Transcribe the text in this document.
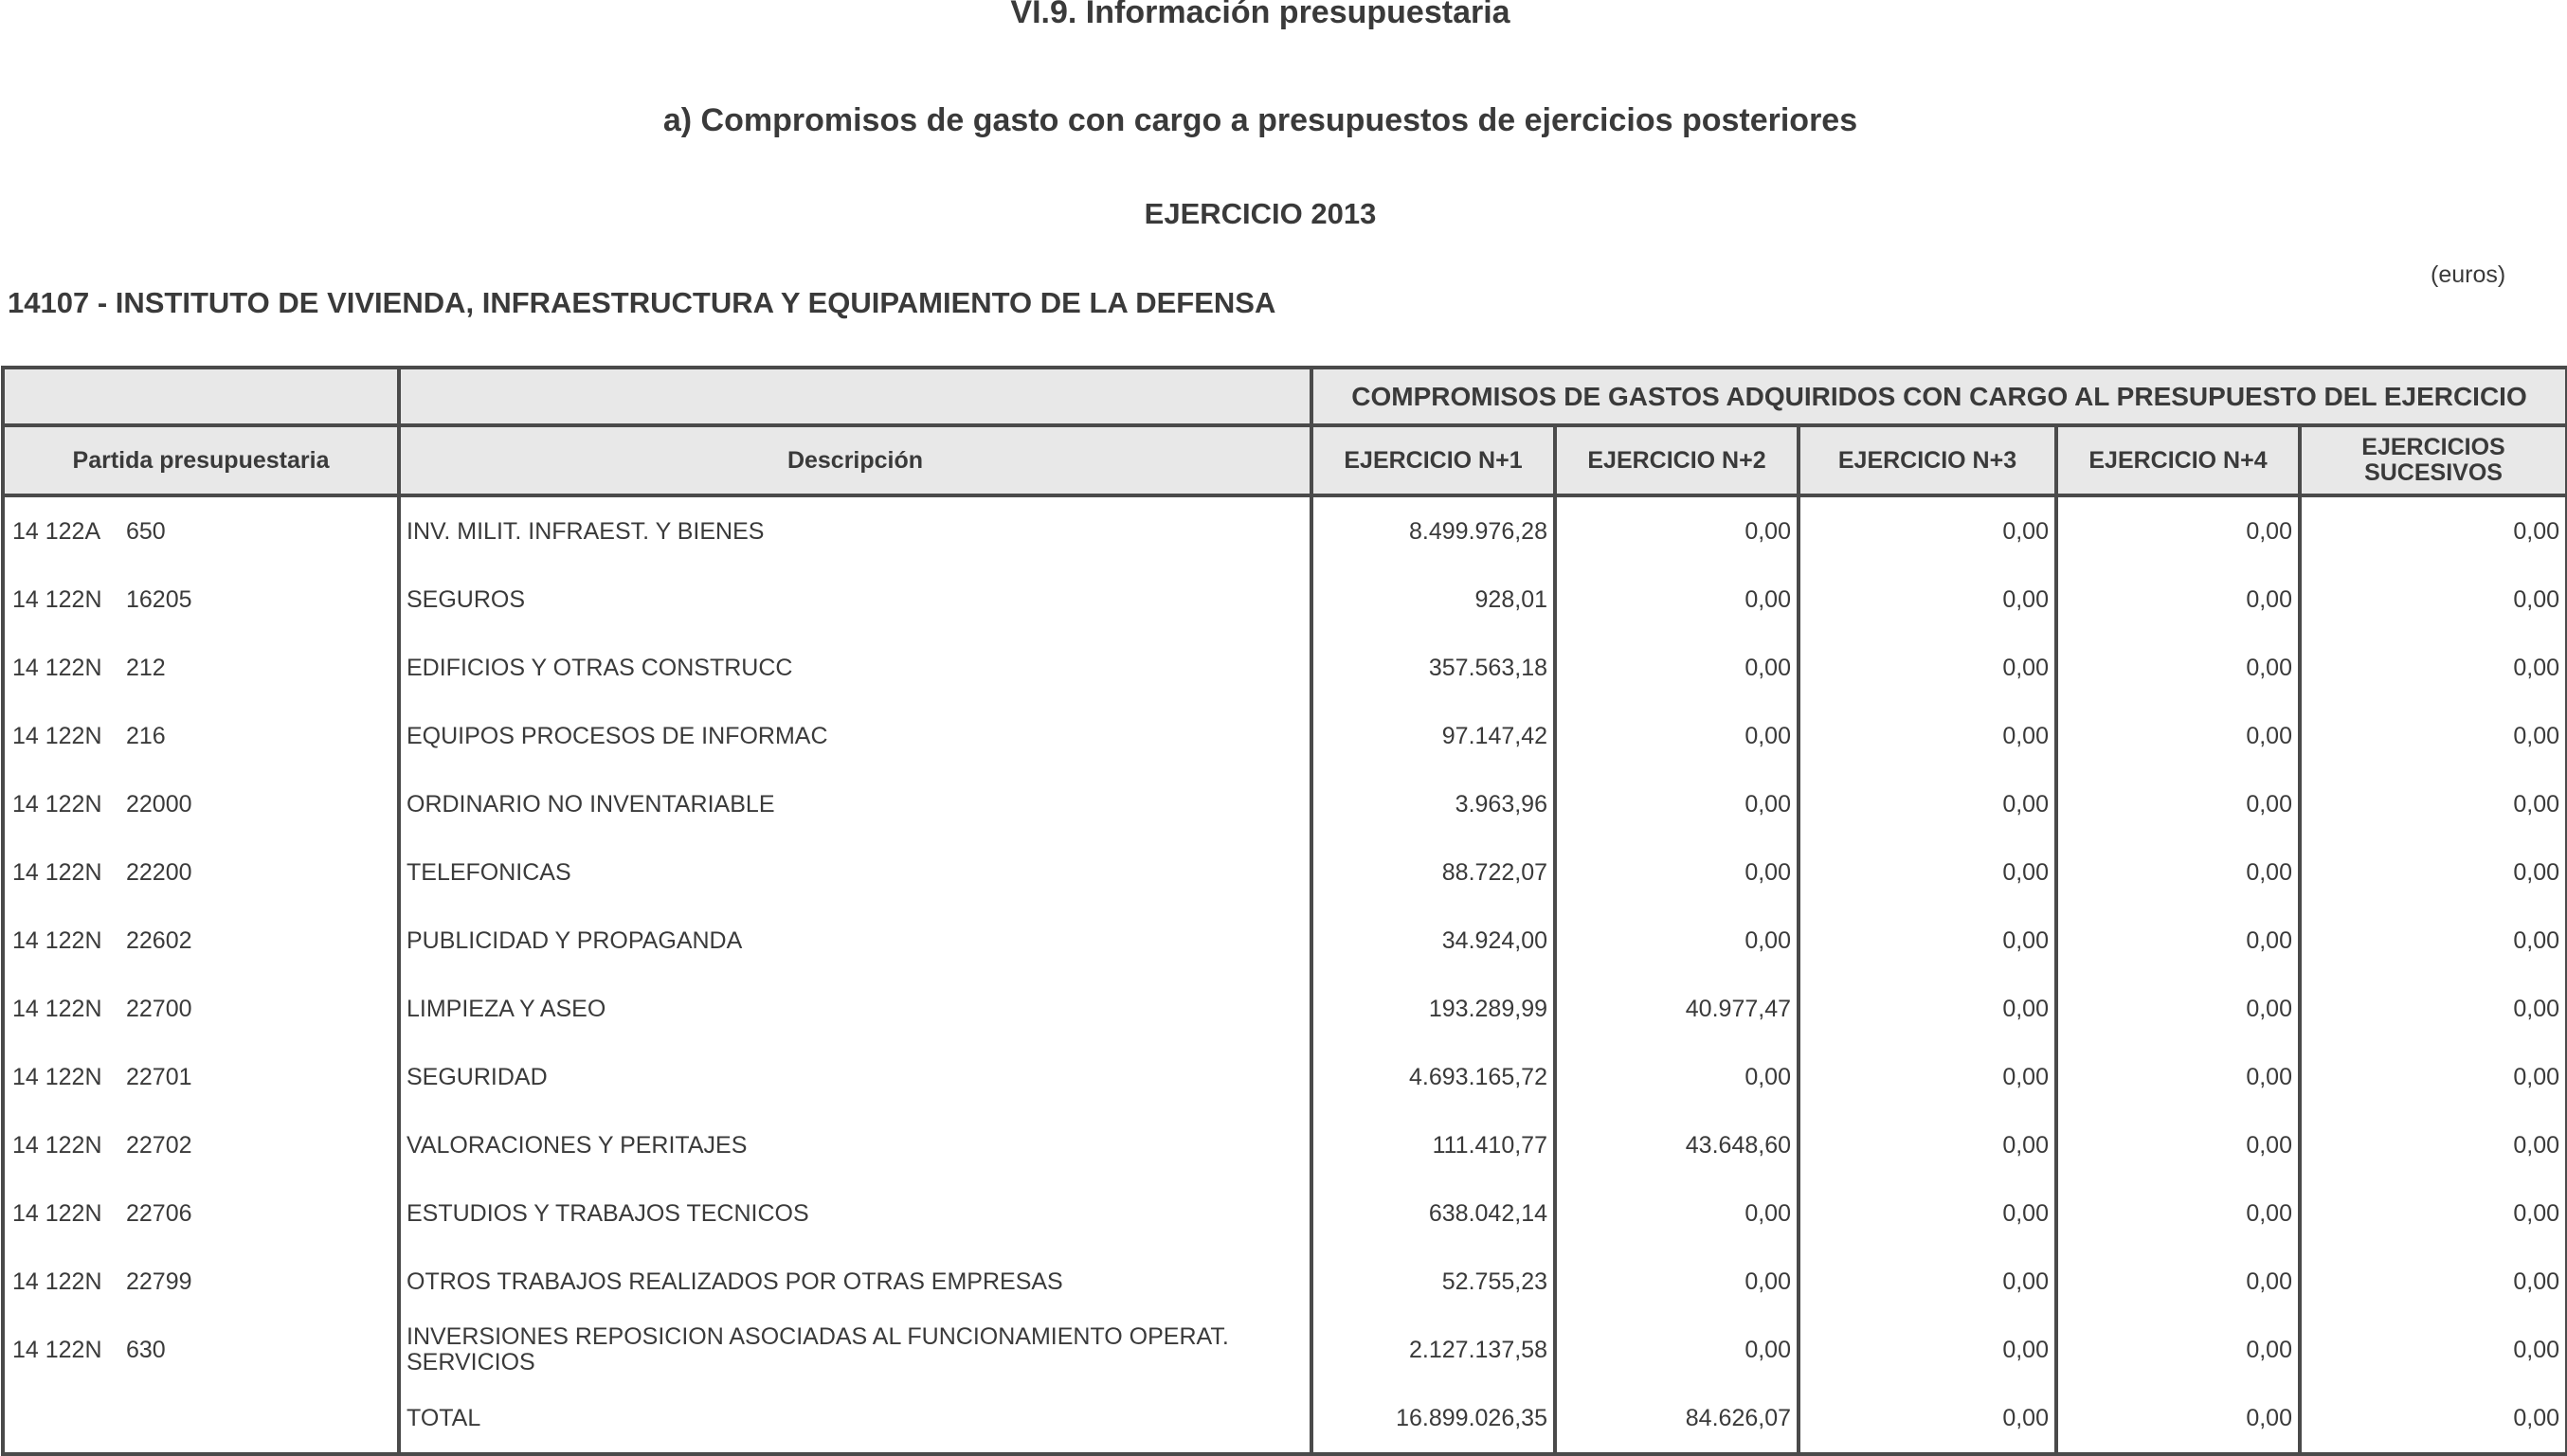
VI.9. Información presupuestaria
a) Compromisos de gasto con cargo a presupuestos de ejercicios posteriores
EJERCICIO 2013
(euros)
14107 - INSTITUTO DE VIVIENDA, INFRAESTRUCTURA Y EQUIPAMIENTO DE LA DEFENSA
		COMPROMISOS DE GASTOS ADQUIRIDOS CON CARGO AL PRESUPUESTO DEL EJERCICIO				
Partida presupuestaria	Descripción	EJERCICIO N+1	EJERCICIO N+2	EJERCICIO N+3	EJERCICIO N+4	EJERCICIOS
SUCESIVOS
14 122A 650	INV. MILIT. INFRAEST. Y BIENES	8.499.976,28	0,00	0,00	0,00	0,00
14 122N 16205	SEGUROS	928,01	0,00	0,00	0,00	0,00
14 122N 212	EDIFICIOS Y OTRAS CONSTRUCC	357.563,18	0,00	0,00	0,00	0,00
14 122N 216	EQUIPOS PROCESOS DE INFORMAC	97.147,42	0,00	0,00	0,00	0,00
14 122N 22000	ORDINARIO NO INVENTARIABLE	3.963,96	0,00	0,00	0,00	0,00
14 122N 22200	TELEFONICAS	88.722,07	0,00	0,00	0,00	0,00
14 122N 22602	PUBLICIDAD Y PROPAGANDA	34.924,00	0,00	0,00	0,00	0,00
14 122N 22700	LIMPIEZA Y ASEO	193.289,99	40.977,47	0,00	0,00	0,00
14 122N 22701	SEGURIDAD	4.693.165,72	0,00	0,00	0,00	0,00
14 122N 22702	VALORACIONES Y PERITAJES	111.410,77	43.648,60	0,00	0,00	0,00
14 122N 22706	ESTUDIOS Y TRABAJOS TECNICOS	638.042,14	0,00	0,00	0,00	0,00
14 122N 22799	OTROS TRABAJOS REALIZADOS POR OTRAS EMPRESAS	52.755,23	0,00	0,00	0,00	0,00
14 122N 630	INVERSIONES REPOSICION ASOCIADAS AL FUNCIONAMIENTO OPERAT. SERVICIOS	2.127.137,58	0,00	0,00	0,00	0,00
	TOTAL	16.899.026,35	84.626,07	0,00	0,00	0,00
